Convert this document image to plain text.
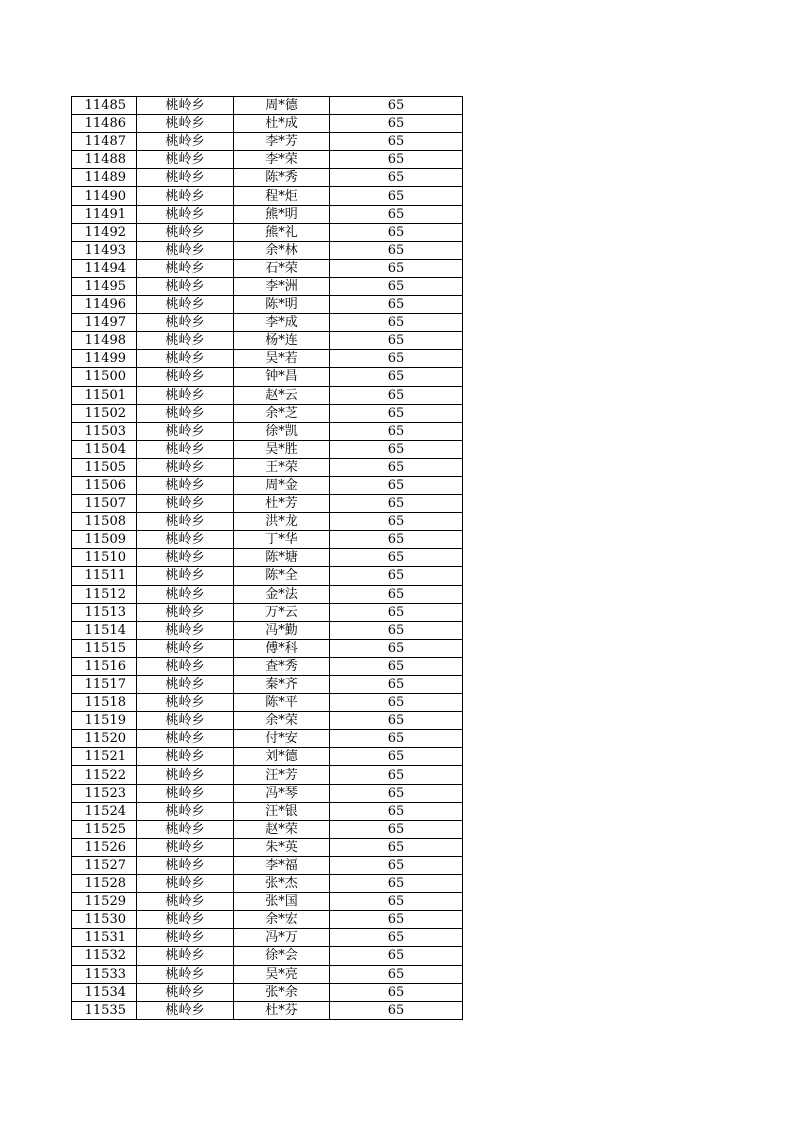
11485	桃岭乡	周*德	65
11486	桃岭乡	杜*成	65
11487	桃岭乡	李*芳	65
11488	桃岭乡	李*荣	65
11489	桃岭乡	陈*秀	65
11490	桃岭乡	程*炬	65
11491	桃岭乡	熊*明	65
11492	桃岭乡	熊*礼	65
11493	桃岭乡	余*林	65
11494	桃岭乡	石*荣	65
11495	桃岭乡	李*洲	65
11496	桃岭乡	陈*明	65
11497	桃岭乡	李*成	65
11498	桃岭乡	杨*连	65
11499	桃岭乡	吴*若	65
11500	桃岭乡	钟*昌	65
11501	桃岭乡	赵*云	65
11502	桃岭乡	余*芝	65
11503	桃岭乡	徐*凯	65
11504	桃岭乡	吴*胜	65
11505	桃岭乡	王*荣	65
11506	桃岭乡	周*金	65
11507	桃岭乡	杜*芳	65
11508	桃岭乡	洪*龙	65
11509	桃岭乡	丁*华	65
11510	桃岭乡	陈*塘	65
11511	桃岭乡	陈*全	65
11512	桃岭乡	金*法	65
11513	桃岭乡	万*云	65
11514	桃岭乡	冯*勤	65
11515	桃岭乡	傅*科	65
11516	桃岭乡	查*秀	65
11517	桃岭乡	秦*齐	65
11518	桃岭乡	陈*平	65
11519	桃岭乡	余*荣	65
11520	桃岭乡	付*安	65
11521	桃岭乡	刘*德	65
11522	桃岭乡	汪*芳	65
11523	桃岭乡	冯*琴	65
11524	桃岭乡	汪*银	65
11525	桃岭乡	赵*荣	65
11526	桃岭乡	朱*英	65
11527	桃岭乡	李*福	65
11528	桃岭乡	张*杰	65
11529	桃岭乡	张*国	65
11530	桃岭乡	余*宏	65
11531	桃岭乡	冯*万	65
11532	桃岭乡	徐*会	65
11533	桃岭乡	吴*亮	65
11534	桃岭乡	张*余	65
11535	桃岭乡	杜*芬	65
